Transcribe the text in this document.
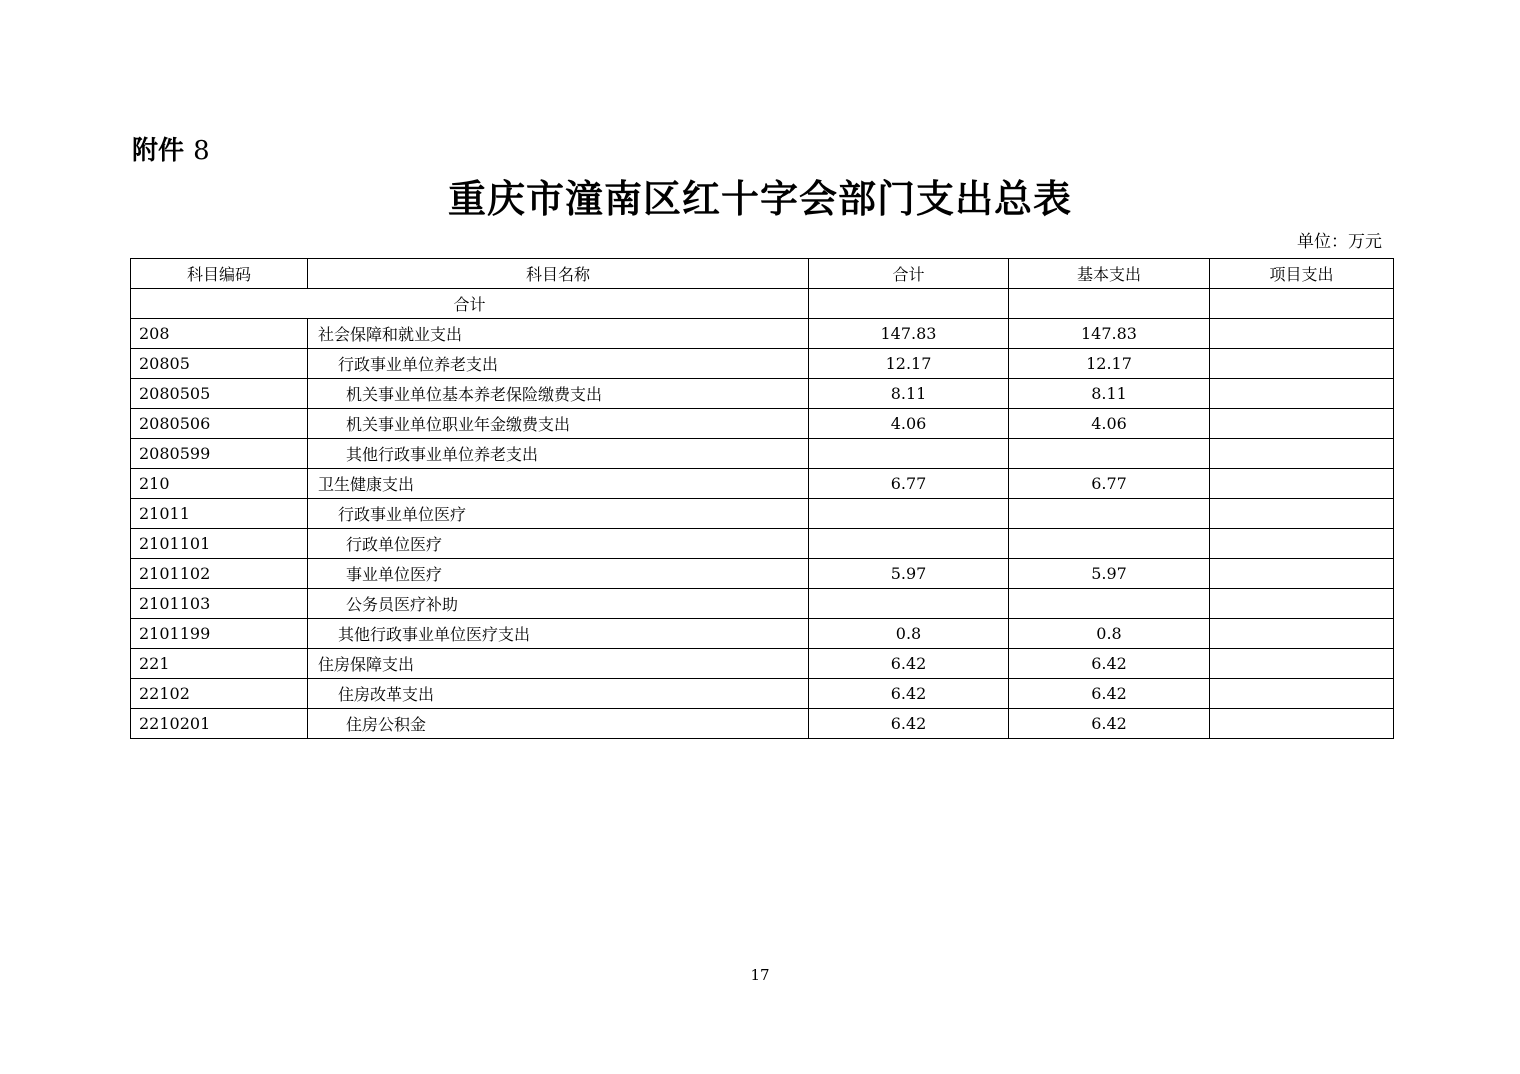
附件 8
重庆市潼南区红十字会部门支出总表
单位：万元
科目编码	科目名称	合计	基本支出	项目支出
合计				
208	社会保障和就业支出	147.83	147.83	
20805	行政事业单位养老支出	12.17	12.17	
2080505	机关事业单位基本养老保险缴费支出	8.11	8.11	
2080506	机关事业单位职业年金缴费支出	4.06	4.06	
2080599	其他行政事业单位养老支出			
210	卫生健康支出	6.77	6.77	
21011	行政事业单位医疗			
2101101	行政单位医疗			
2101102	事业单位医疗	5.97	5.97	
2101103	公务员医疗补助			
2101199	其他行政事业单位医疗支出	0.8	0.8	
221	住房保障支出	6.42	6.42	
22102	住房改革支出	6.42	6.42	
2210201	住房公积金	6.42	6.42	
17
